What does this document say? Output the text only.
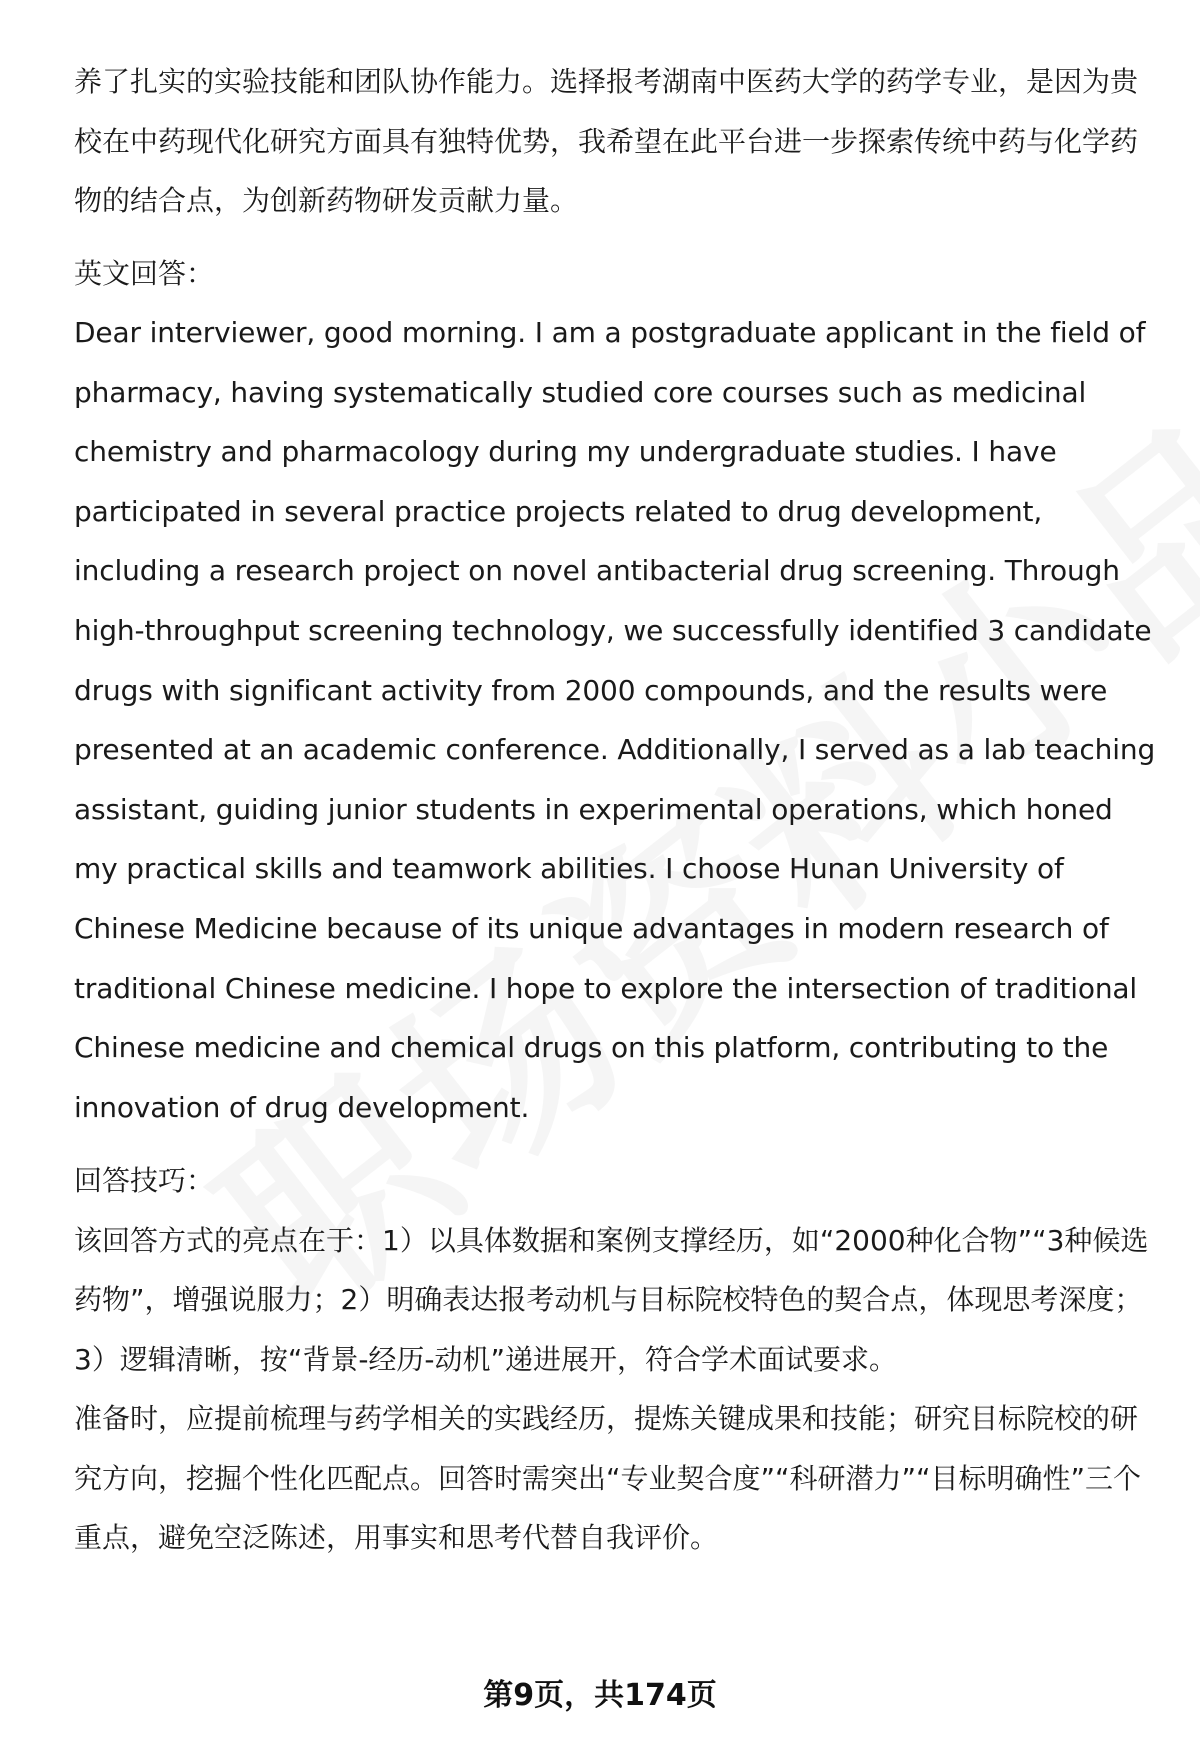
养了扎实的实验技能和团队协作能力。选择报考湖南中医药大学的药学专业，是因为贵校在中药现代化研究方面具有独特优势，我希望在此平台进一步探索传统中药与化学药物的结合点，为创新药物研发贡献力量。

英文回答：

Dear interviewer, good morning. I am a postgraduate applicant in the field of pharmacy, having systematically studied core courses such as medicinal chemistry and pharmacology during my undergraduate studies. I have participated in several practice projects related to drug development, including a research project on novel antibacterial drug screening. Through high-throughput screening technology, we successfully identified 3 candidate drugs with significant activity from 2000 compounds, and the results were presented at an academic conference. Additionally, I served as a lab teaching assistant, guiding junior students in experimental operations, which honed my practical skills and teamwork abilities. I choose Hunan University of Chinese Medicine because of its unique advantages in modern research of traditional Chinese medicine. I hope to explore the intersection of traditional Chinese medicine and chemical drugs on this platform, contributing to the innovation of drug development.

回答技巧：

该回答方式的亮点在于：1）以具体数据和案例支撑经历，如“2000种化合物”“3种候选药物”，增强说服力；2）明确表达报考动机与目标院校特色的契合点，体现思考深度；3）逻辑清晰，按“背景-经历-动机”递进展开，符合学术面试要求。

准备时，应提前梳理与药学相关的实践经历，提炼关键成果和技能；研究目标院校的研究方向，挖掘个性化匹配点。回答时需突出“专业契合度”“科研潜力”“目标明确性”三个重点，避免空泛陈述，用事实和思考代替自我评价。

第9页，共174页
